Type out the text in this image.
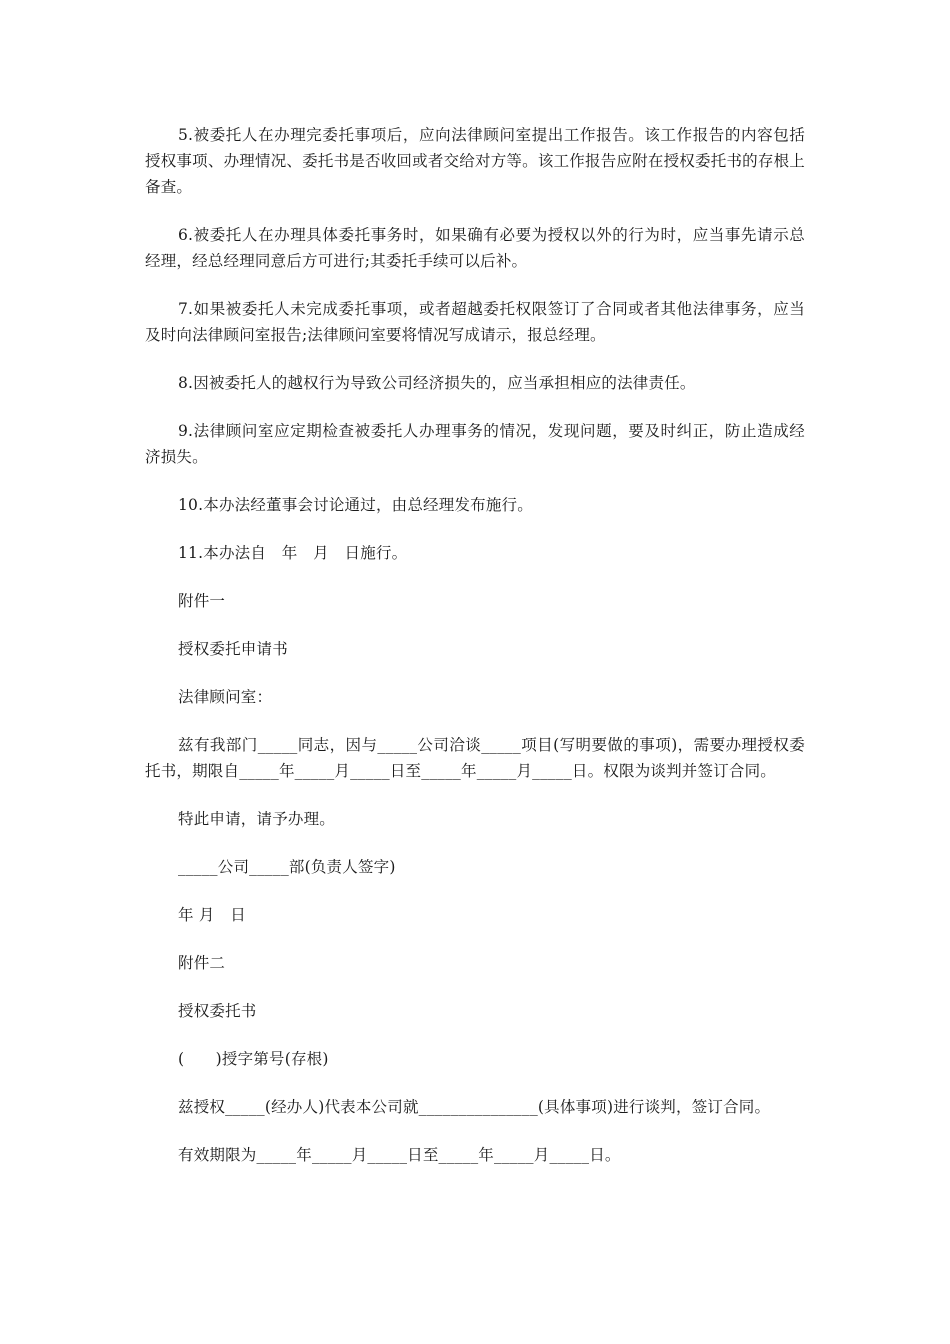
5.被委托人在办理完委托事项后，应向法律顾问室提出工作报告。该工作报告的内容包括授权事项、办理情况、委托书是否收回或者交给对方等。该工作报告应附在授权委托书的存根上备查。

6.被委托人在办理具体委托事务时，如果确有必要为授权以外的行为时，应当事先请示总经理，经总经理同意后方可进行;其委托手续可以后补。

7.如果被委托人未完成委托事项，或者超越委托权限签订了合同或者其他法律事务，应当及时向法律顾问室报告;法律顾问室要将情况写成请示，报总经理。

8.因被委托人的越权行为导致公司经济损失的，应当承担相应的法律责任。

9.法律顾问室应定期检查被委托人办理事务的情况，发现问题，要及时纠正，防止造成经济损失。

10.本办法经董事会讨论通过，由总经理发布施行。

11.本办法自　年　月　日施行。

附件一

授权委托申请书

法律顾问室：

兹有我部门_____同志，因与_____公司洽谈_____项目(写明要做的事项)，需要办理授权委托书，期限自_____年_____月_____日至_____年_____月_____日。权限为谈判并签订合同。

特此申请，请予办理。

_____公司_____部(负责人签字)

年 月　日

附件二

授权委托书

(　　)授字第号(存根)

兹授权_____(经办人)代表本公司就_______________(具体事项)进行谈判，签订合同。

有效期限为_____年_____月_____日至_____年_____月_____日。
